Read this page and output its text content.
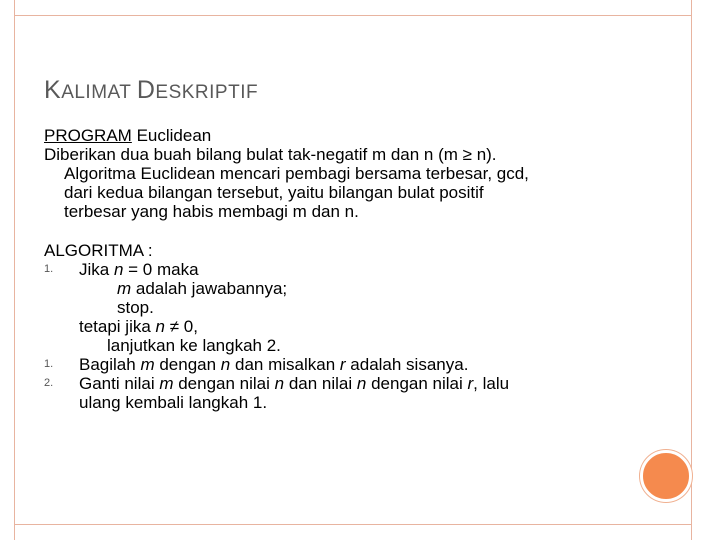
KALIMAT DESKRIPTIF
PROGRAM Euclidean
Diberikan dua buah bilang bulat tak-negatif m dan n (m ≥ n).
Algoritma Euclidean mencari pembagi bersama terbesar, gcd,
dari kedua bilangan tersebut, yaitu bilangan bulat positif
terbesar yang habis membagi m dan n.
ALGORITMA :
1.	Jika n = 0 maka
m adalah jawabannya;
stop.
tetapi jika n ≠ 0,
lanjutkan ke langkah 2.
1.	Bagilah m dengan n dan misalkan r adalah sisanya.
2.	Ganti nilai m dengan nilai n dan nilai n dengan nilai r, lalu
ulang kembali langkah 1.
